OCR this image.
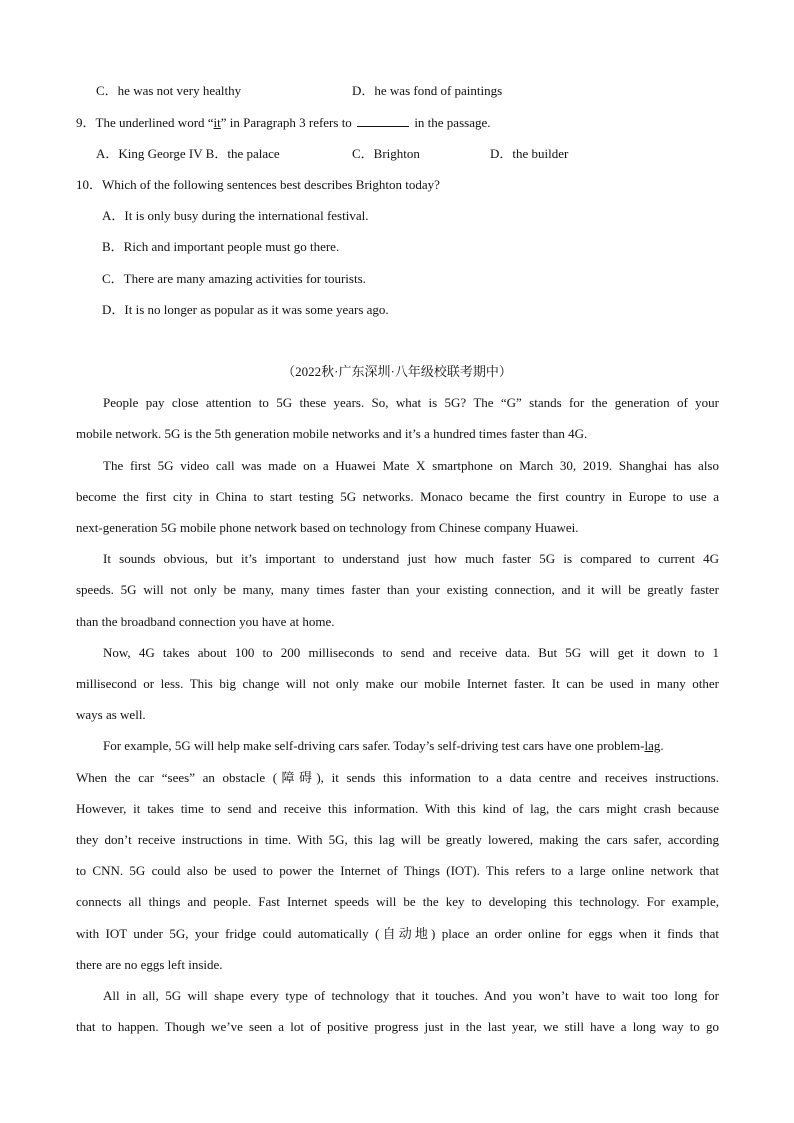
C．he was not very healthy	D．he was fond of paintings
9．The underlined word “it” in Paragraph 3 refers to	in the passage.
A．King George IV B．the palace	C．Brighton	D．the builder
10．Which of the following sentences best describes Brighton today?
A．It is only busy during the international festival.
B．Rich and important people must go there.
C．There are many amazing activities for tourists.
D．It is no longer as popular as it was some years ago.
（2022秋·广东深圳·八年级校联考期中）
People pay close attention to 5G these years. So, what is 5G? The “G” stands for the generation of your
mobile network. 5G is the 5th generation mobile networks and it’s a hundred times faster than 4G.
The first 5G video call was made on a Huawei Mate X smartphone on March 30, 2019. Shanghai has also
become the first city in China to start testing 5G networks. Monaco became the first country in Europe to use a
next-generation 5G mobile phone network based on technology from Chinese company Huawei.
It sounds obvious, but it’s important to understand just how much faster 5G is compared to current 4G
speeds. 5G will not only be many, many times faster than your existing connection, and it will be greatly faster
than the broadband connection you have at home.
Now, 4G takes about 100 to 200 milliseconds to send and receive data. But 5G will get it down to 1
millisecond or less. This big change will not only make our mobile Internet faster. It can be used in many other
ways as well.
For example, 5G will help make self-driving cars safer. Today’s self-driving test cars have one problem-lag.
When the car “sees” an obstacle (障碍), it sends this information to a data centre and receives instructions.
However, it takes time to send and receive this information. With this kind of lag, the cars might crash because
they don’t receive instructions in time. With 5G, this lag will be greatly lowered, making the cars safer, according
to CNN. 5G could also be used to power the Internet of Things (IOT). This refers to a large online network that
connects all things and people. Fast Internet speeds will be the key to developing this technology. For example,
with IOT under 5G, your fridge could automatically (自动地) place an order online for eggs when it finds that
there are no eggs left inside.
All in all, 5G will shape every type of technology that it touches. And you won’t have to wait too long for
that to happen. Though we’ve seen a lot of positive progress just in the last year, we still have a long way to go
